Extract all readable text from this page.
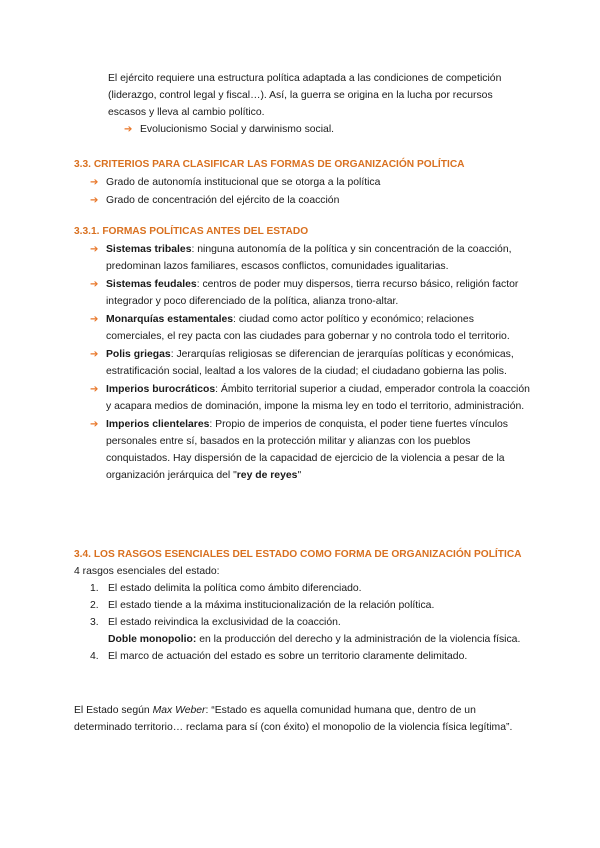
El ejército requiere una estructura política adaptada a las condiciones de competición (liderazgo, control legal y fiscal…). Así, la guerra se origina en la lucha por recursos escasos y lleva al cambio político.

➔ Evolucionismo Social y darwinismo social.
3.3. CRITERIOS PARA CLASIFICAR LAS FORMAS DE ORGANIZACIÓN POLÍTICA
➔ Grado de autonomía institucional que se otorga a la política
➔ Grado de concentración del ejército de la coacción
3.3.1. FORMAS POLÍTICAS ANTES DEL ESTADO
➔ Sistemas tribales: ninguna autonomía de la política y sin concentración de la coacción, predominan lazos familiares, escasos conflictos, comunidades igualitarias.
➔ Sistemas feudales: centros de poder muy dispersos, tierra recurso básico, religión factor integrador y poco diferenciado de la política, alianza trono-altar.
➔ Monarquías estamentales: ciudad como actor político y económico; relaciones comerciales, el rey pacta con las ciudades para gobernar y no controla todo el territorio.
➔ Polis griegas: Jerarquías religiosas se diferencian de jerarquías políticas y económicas, estratificación social, lealtad a los valores de la ciudad; el ciudadano gobierna las polis.
➔ Imperios burocráticos: Ámbito territorial superior a ciudad, emperador controla la coacción y acapara medios de dominación, impone la misma ley en todo el territorio, administración.
➔ Imperios clientelares: Propio de imperios de conquista, el poder tiene fuertes vínculos personales entre sí, basados en la protección militar y alianzas con los pueblos conquistados. Hay dispersión de la capacidad de ejercicio de la violencia a pesar de la organización jerárquica del "rey de reyes"
3.4. LOS RASGOS ESENCIALES DEL ESTADO COMO FORMA DE ORGANIZACIÓN POLÍTICA
4 rasgos esenciales del estado:
1. El estado delimita la política como ámbito diferenciado.
2. El estado tiende a la máxima institucionalización de la relación política.
3. El estado reivindica la exclusividad de la coacción.
Doble monopolio: en la producción del derecho y la administración de la violencia física.
4. El marco de actuación del estado es sobre un territorio claramente delimitado.

El Estado según Max Weber: “Estado es aquella comunidad humana que, dentro de un determinado territorio… reclama para sí (con éxito) el monopolio de la violencia física legítima”.
